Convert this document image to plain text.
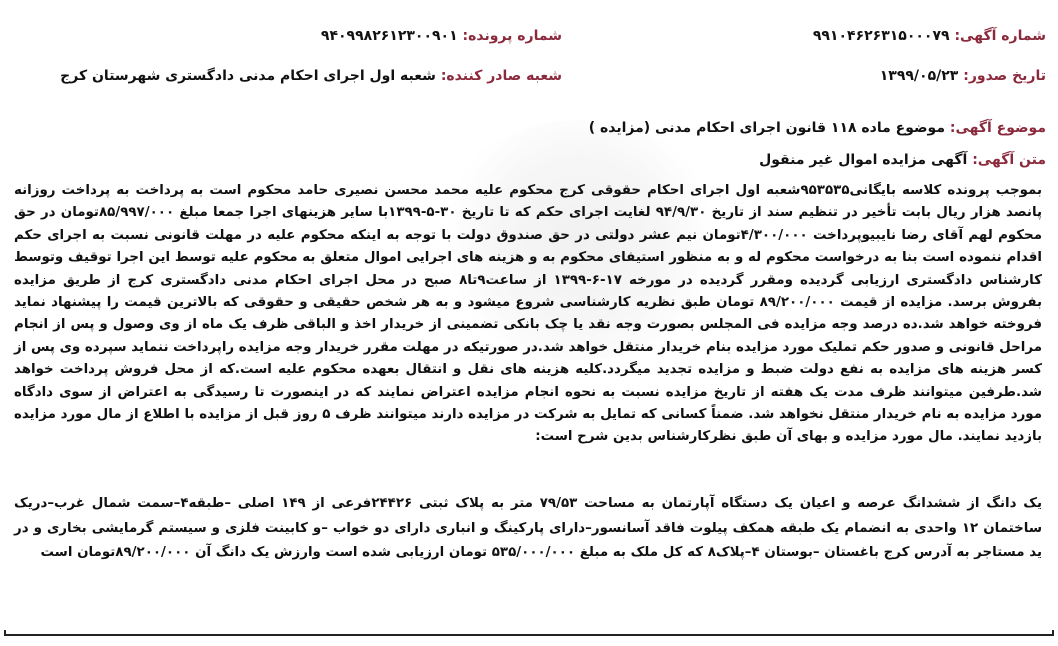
شماره آگهی: ۹۹۱۰۴۶۲۶۳۱۵۰۰۰۷۹
شماره پرونده: ۹۴۰۹۹۸۲۶۱۲۳۰۰۹۰۱
تاریخ صدور: ۱۳۹۹/۰۵/۲۳
شعبه صادر کننده: شعبه اول اجرای احکام مدنی دادگستری شهرستان کرج
موضوع آگهی: موضوع ماده ۱۱۸ قانون اجرای احکام مدنی (مزایده )
متن آگهی: آگهی مزایده اموال غیر منقول
بموجب پرونده کلاسه بایگانی۹۵۳۵۳۵شعبه اول اجرای احکام حقوقی کرج محکوم علیه محمد محسن نصیری حامد محکوم است به پرداخت به پرداخت روزانه پانصد هزار ریال بابت تأخیر در تنظیم سند از تاریخ ۹۴/۹/۳۰ لغایت اجرای حکم که تا تاریخ ۳۰-۵-۱۳۹۹با سایر هزینهای اجرا جمعا مبلغ ۸۵/۹۹۷/۰۰۰تومان در حق محکوم لهم آقای رضا نایبیوپرداخت ۴/۳۰۰/۰۰۰تومان نیم عشر دولتی در حق صندوق دولت با توجه به اینکه محکوم علیه در مهلت قانونی نسبت به اجرای حکم اقدام ننموده است بنا به درخواست محکوم له و به منظور استیفای محکوم به و هزینه های اجرایی اموال متعلق به محکوم علیه توسط این اجرا توقیف وتوسط کارشناس دادگستری ارزیابی گردیده ومقرر گردیده در مورخه ۱۷-۶-۱۳۹۹ از ساعت۹تا۸ صبح در محل اجرای احکام مدنی دادگستری کرج از طریق مزایده بفروش برسد. مزایده از قیمت ۸۹/۲۰۰/۰۰۰ تومان طبق نظریه کارشناسی شروع میشود و به هر شخص حقیقی و حقوقی که بالاترین قیمت را پیشنهاد نماید فروخته خواهد شد.ده درصد وجه مزایده فی المجلس بصورت وجه نقد یا چک بانکی تضمینی از خریدار اخذ و الباقی ظرف یک ماه از وی وصول و پس از انجام مراحل قانونی و صدور حکم تملیک مورد مزایده بنام خریدار منتقل خواهد شد.در صورتیکه در مهلت مقرر خریدار وجه مزایده راپرداخت ننماید سپرده وی پس از کسر هزینه های مزایده به نفع دولت ضبط و مزایده تجدید میگردد.کلیه هزینه های نقل و انتقال بعهده محکوم علیه است.که از محل فروش پرداخت خواهد شد.طرفین میتوانند ظرف مدت یک هفته از تاریخ مزایده نسبت به نحوه انجام مزایده اعتراض نمایند که در اینصورت تا رسیدگی به اعتراض از سوی دادگاه مورد مزایده به نام خریدار منتقل نخواهد شد. ضمناً کسانی که تمایل به شرکت در مزایده دارند میتوانند ظرف ۵ روز قبل از مزایده با اطلاع از مال مورد مزایده بازدید نمایند. مال مورد مزایده و بهای آن طبق نظرکارشناس بدین شرح است:
یک دانگ از ششدانگ عرصه و اعیان یک دستگاه آپارتمان به مساحت ۷۹/۵۳ متر به پلاک ثبتی ۲۴۴۲۶فرعی از ۱۴۹ اصلی –طبقه۴–سمت شمال غرب–دریک ساختمان ۱۲ واحدی به انضمام یک طبقه همکف پیلوت فاقد آسانسور–دارای پارکینگ و انباری دارای دو خواب –و کابینت فلزی و سیستم گرمایشی بخاری و در ید مستاجر به آدرس کرج باغستان –بوستان ۴–پلاک۸ که کل ملک به مبلغ ۵۳۵/۰۰۰/۰۰۰ تومان ارزیابی شده است وارزش یک دانگ آن ۸۹/۲۰۰/۰۰۰تومان است
